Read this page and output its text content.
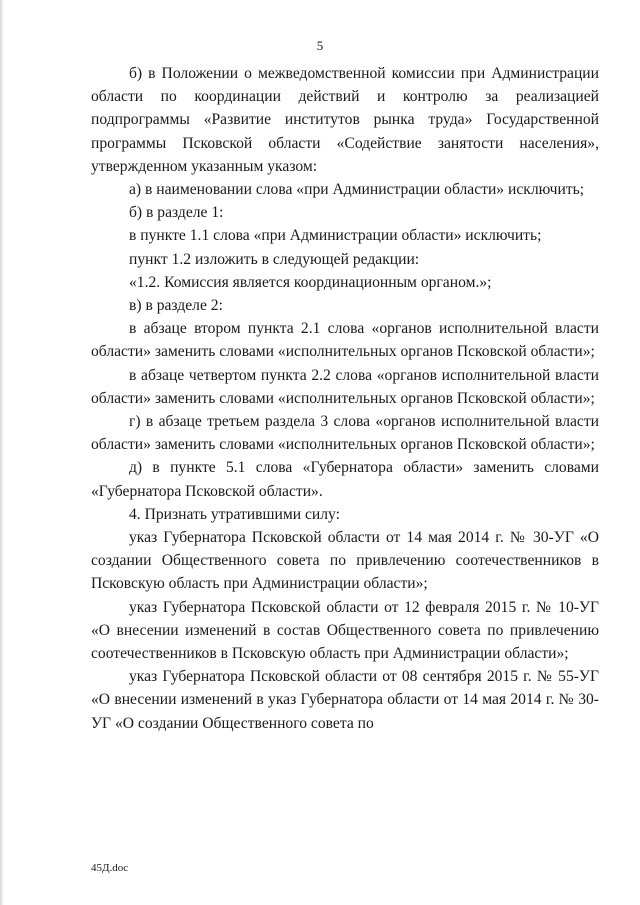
5

б) в Положении о межведомственной комиссии при Администрации области по координации действий и контролю за реализацией подпрограммы «Развитие институтов рынка труда» Государственной программы Псковской области «Содействие занятости населения», утвержденном указанным указом:

а) в наименовании слова «при Администрации области» исключить;

б) в разделе 1:

в пункте 1.1 слова «при Администрации области» исключить;

пункт 1.2 изложить в следующей редакции:

«1.2. Комиссия является координационным органом.»;

в) в разделе 2:

в абзаце втором пункта 2.1 слова «органов исполнительной власти области» заменить словами «исполнительных органов Псковской области»;

в абзаце четвертом пункта 2.2 слова «органов исполнительной власти области» заменить словами «исполнительных органов Псковской области»;

г) в абзаце третьем раздела 3 слова «органов исполнительной власти области» заменить словами «исполнительных органов Псковской области»;

д) в пункте 5.1 слова «Губернатора области» заменить словами «Губернатора Псковской области».

4. Признать утратившими силу:

указ Губернатора Псковской области от 14 мая 2014 г. № 30-УГ «О создании Общественного совета по привлечению соотечественников в Псковскую область при Администрации области»;

указ Губернатора Псковской области от 12 февраля 2015 г. № 10-УГ «О внесении изменений в состав Общественного совета по привлечению соотечественников в Псковскую область при Администрации области»;

указ Губернатора Псковской области от 08 сентября 2015 г. № 55-УГ «О внесении изменений в указ Губернатора области от 14 мая 2014 г. № 30-УГ «О создании Общественного совета по

45Д.doc
